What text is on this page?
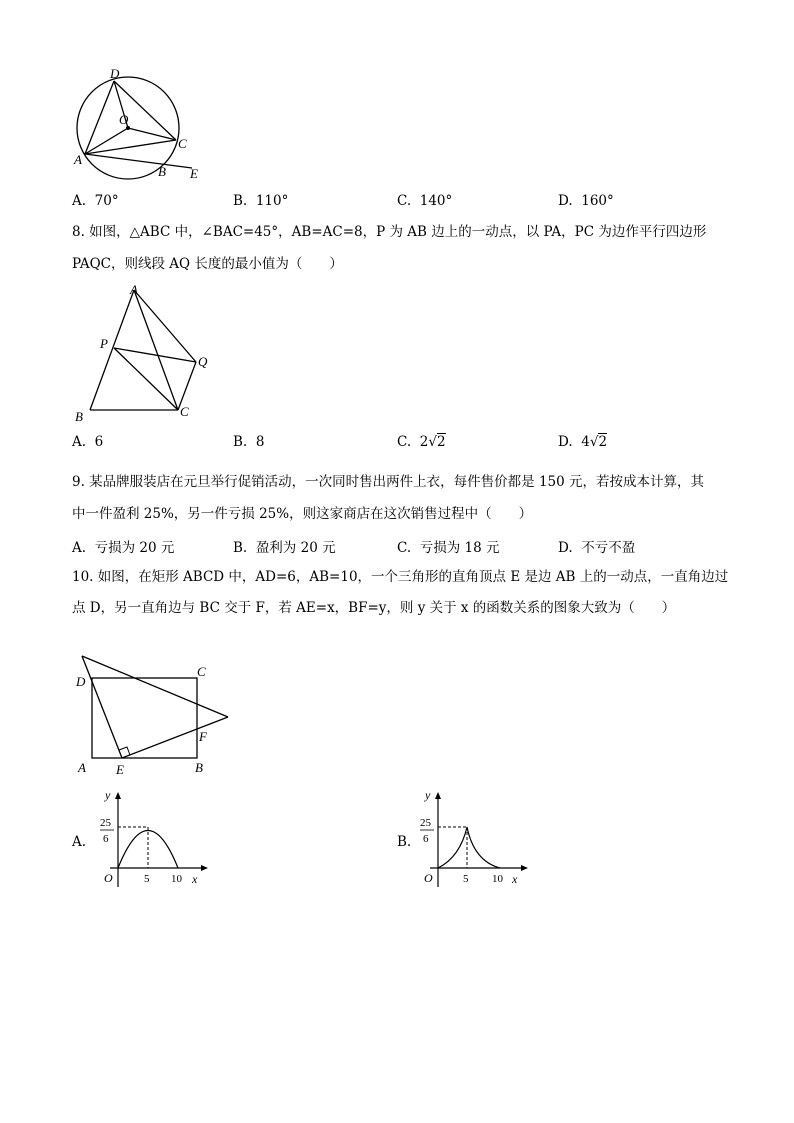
D
O
C
A
B E
A. 70°	B. 110°	C. 140°	D. 160°
8. 如图，△ABC 中，∠BAC=45°，AB=AC=8，P 为 AB 边上的一动点，以 PA，PC 为边作平行四边形
PAQC，则线段 AQ 长度的最小值为（　　）
A
P
Q
B	C
A. 6	B. 8	C. 2√2	D. 4√2
9. 某品牌服装店在元旦举行促销活动，一次同时售出两件上衣，每件售价都是 150 元，若按成本计算，其
中一件盈利 25%，另一件亏损 25%，则这家商店在这次销售过程中（　　）
A. 亏损为 20 元	B. 盈利为 20 元	C. 亏损为 18 元	D. 不亏不盈
10. 如图，在矩形 ABCD 中，AD=6，AB=10，一个三角形的直角顶点 E 是边 AB 上的一动点，一直角边过
点 D，另一直角边与 BC 交于 F，若 AE=x，BF=y，则 y 关于 x 的函数关系的图象大致为（　　）
D
C
F
A E	B
A.
y
x
O
25
6
5 10
B.
y
x
O
25
6
5 10
